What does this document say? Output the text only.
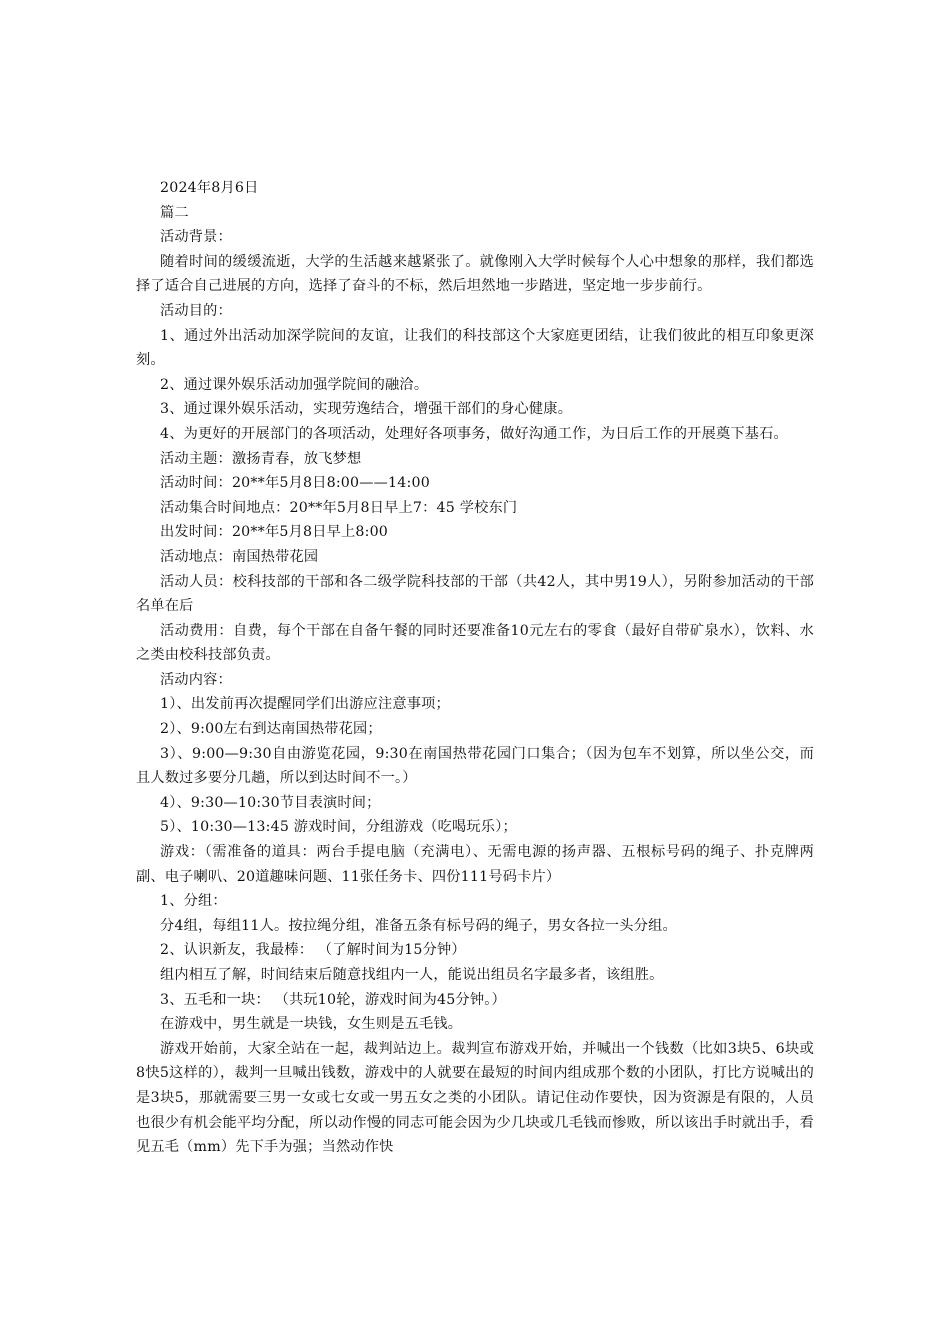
2024年8月6日

篇二

活动背景：

随着时间的缓缓流逝，大学的生活越来越紧张了。就像刚入大学时候每个人心中想象的那样，我们都选择了适合自己进展的方向，选择了奋斗的不标，然后坦然地一步踏进，坚定地一步步前行。

活动目的：

1、通过外出活动加深学院间的友谊，让我们的科技部这个大家庭更团结，让我们彼此的相互印象更深刻。

2、通过课外娱乐活动加强学院间的融洽。

3、通过课外娱乐活动，实现劳逸结合，增强干部们的身心健康。

4、为更好的开展部门的各项活动，处理好各项事务，做好沟通工作，为日后工作的开展奠下基石。

活动主题：激扬青春，放飞梦想

活动时间：20**年5月8日8:00——14:00

活动集合时间地点：20**年5月8日早上7：45 学校东门

出发时间：20**年5月8日早上8:00

活动地点：南国热带花园

活动人员：校科技部的干部和各二级学院科技部的干部（共42人，其中男19人），另附参加活动的干部名单在后

活动费用：自费，每个干部在自备午餐的同时还要准备10元左右的零食（最好自带矿泉水），饮料、水之类由校科技部负责。

活动内容：

1）、出发前再次提醒同学们出游应注意事项；

2）、9:00左右到达南国热带花园；

3）、9:00—9:30自由游览花园，9:30在南国热带花园门口集合；（因为包车不划算，所以坐公交，而且人数过多要分几趟，所以到达时间不一。）

4）、9:30—10:30节目表演时间；

5）、10:30—13:45 游戏时间，分组游戏（吃喝玩乐）；

游戏：（需准备的道具：两台手提电脑（充满电）、无需电源的扬声器、五根标号码的绳子、扑克牌两副、电子喇叭、20道趣味问题、11张任务卡、四份111号码卡片）

1、分组：

分4组，每组11人。按拉绳分组，准备五条有标号码的绳子，男女各拉一头分组。

2、认识新友，我最棒： （了解时间为15分钟）

组内相互了解，时间结束后随意找组内一人，能说出组员名字最多者，该组胜。

3、五毛和一块： （共玩10轮，游戏时间为45分钟。）

在游戏中，男生就是一块钱，女生则是五毛钱。

游戏开始前，大家全站在一起，裁判站边上。裁判宣布游戏开始，并喊出一个钱数（比如3块5、6块或8快5这样的），裁判一旦喊出钱数，游戏中的人就要在最短的时间内组成那个数的小团队，打比方说喊出的是3块5，那就需要三男一女或七女或一男五女之类的小团队。请记住动作要快，因为资源是有限的，人员也很少有机会能平均分配，所以动作慢的同志可能会因为少几块或几毛钱而惨败，所以该出手时就出手，看见五毛（mm）先下手为强；当然动作快
